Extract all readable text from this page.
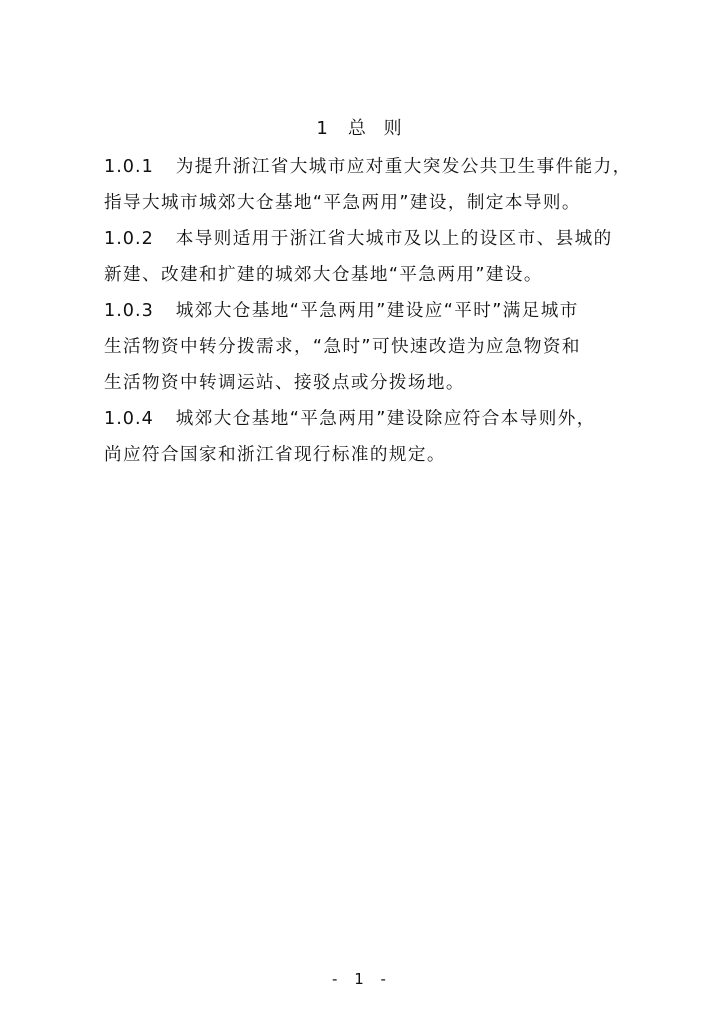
1 总 则
1.0.1 为提升浙江省大城市应对重大突发公共卫生事件能力，
指导大城市城郊大仓基地“平急两用”建设，制定本导则。
1.0.2 本导则适用于浙江省大城市及以上的设区市、县城的
新建、改建和扩建的城郊大仓基地“平急两用”建设。
1.0.3 城郊大仓基地“平急两用”建设应“平时”满足城市
生活物资中转分拨需求，“急时”可快速改造为应急物资和
生活物资中转调运站、接驳点或分拨场地。
1.0.4 城郊大仓基地“平急两用”建设除应符合本导则外，
尚应符合国家和浙江省现行标准的规定。
- 1 -
